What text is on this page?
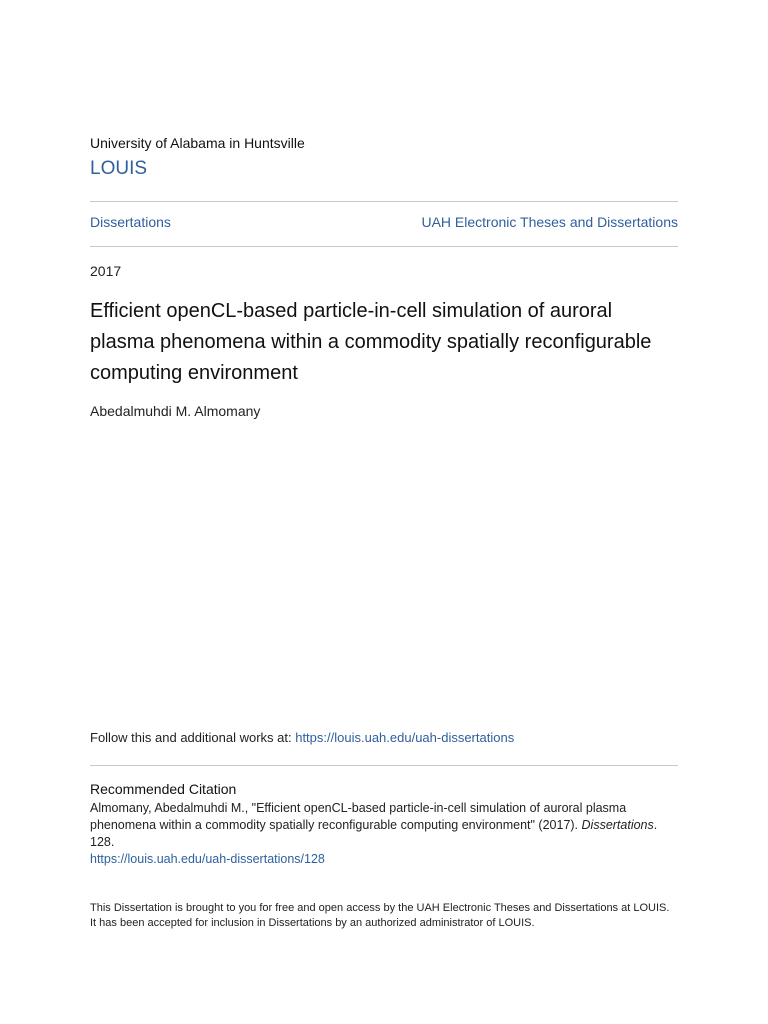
University of Alabama in Huntsville
LOUIS
Dissertations	UAH Electronic Theses and Dissertations
2017
Efficient openCL-based particle-in-cell simulation of auroral plasma phenomena within a commodity spatially reconfigurable computing environment
Abedalmuhdi M. Almomany
Follow this and additional works at: https://louis.uah.edu/uah-dissertations
Recommended Citation
Almomany, Abedalmuhdi M., "Efficient openCL-based particle-in-cell simulation of auroral plasma phenomena within a commodity spatially reconfigurable computing environment" (2017). Dissertations. 128.
https://louis.uah.edu/uah-dissertations/128
This Dissertation is brought to you for free and open access by the UAH Electronic Theses and Dissertations at LOUIS. It has been accepted for inclusion in Dissertations by an authorized administrator of LOUIS.
